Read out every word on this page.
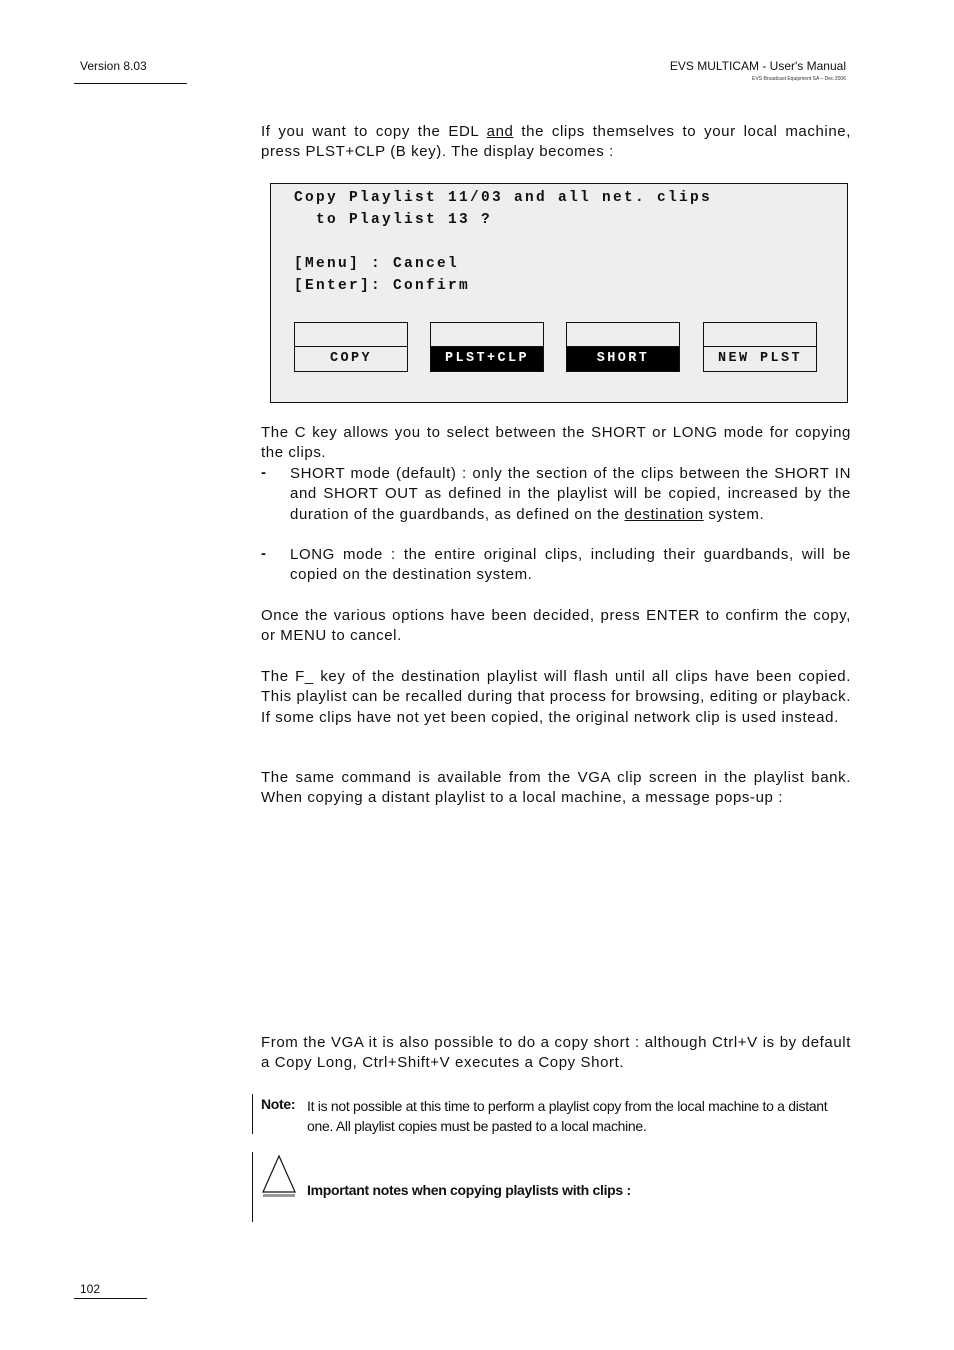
Version 8.03	EVS MULTICAM - User's Manual
EVS Broadcast Equipment SA – Dec 2006
If you want to copy the EDL and the clips themselves to your local machine, press PLST+CLP (B key). The display becomes :
Copy Playlist 11/03 and all net. clips
to Playlist 13 ?
[Menu] : Cancel
[Enter]: Confirm
COPY	PLST+CLP	SHORT	NEW PLST
The C key allows you to select between the SHORT or LONG mode for copying the clips.
- SHORT mode (default) : only the section of the clips between the SHORT IN and SHORT OUT as defined in the playlist will be copied, increased by the duration of the guardbands, as defined on the destination system.
- LONG mode : the entire original clips, including their guardbands, will be copied on the destination system.
Once the various options have been decided, press ENTER to confirm the copy, or MENU to cancel.
The F_ key of the destination playlist will flash until all clips have been copied. This playlist can be recalled during that process for browsing, editing or playback. If some clips have not yet been copied, the original network clip is used instead.
The same command is available from the VGA clip screen in the playlist bank. When copying a distant playlist to a local machine, a message pops-up :
From the VGA it is also possible to do a copy short : although Ctrl+V is by default a Copy Long, Ctrl+Shift+V executes a Copy Short.
Note: It is not possible at this time to perform a playlist copy from the local machine to a distant one. All playlist copies must be pasted to a local machine.
Important notes when copying playlists with clips :
102
